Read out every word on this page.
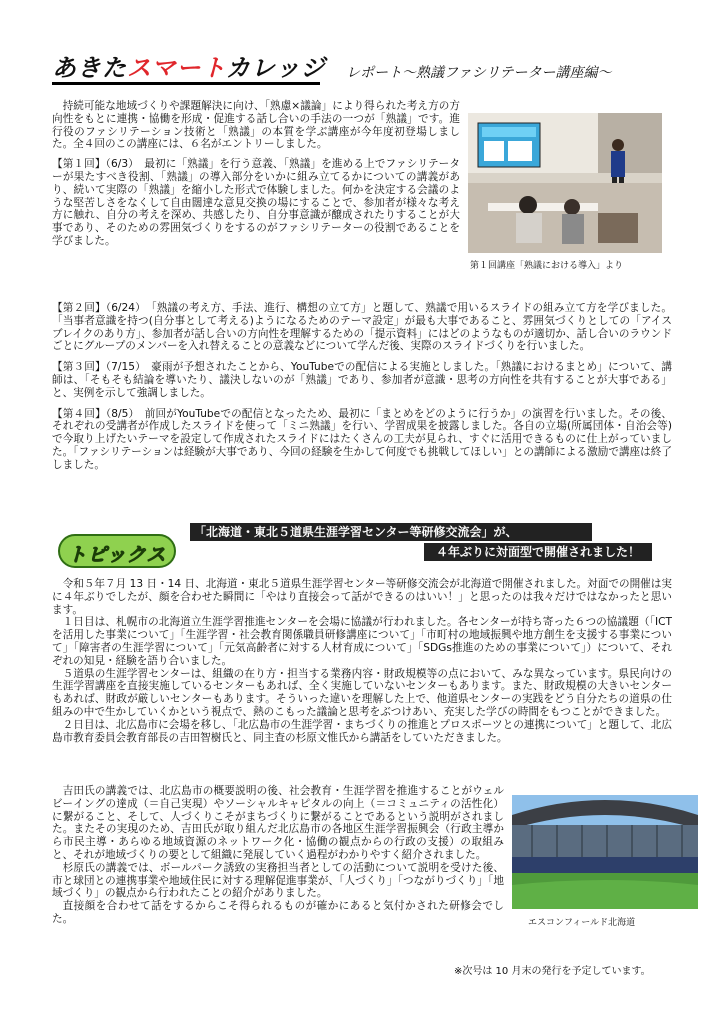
あきたスマートカレッジ レポート〜熟議ファシリテーター講座編〜

持続可能な地域づくりや課題解決に向け、「熟慮×議論」により得られた考え方の方向性をもとに連携・協働を形成・促進する話し合いの手法の一つが「熟議」です。進行役のファシリテーション技術と「熟議」の本質を学ぶ講座が今年度初登場しました。全４回のこの講座には、６名がエントリーしました。

【第１回】（6/3）　最初に「熟議」を行う意義、「熟議」を進める上でファシリテーターが果たすべき役割、「熟議」の導入部分をいかに組み立てるかについての講義があり、続いて実際の「熟議」を縮小した形式で体験しました。何かを決定する会議のような堅苦しさをなくして自由闊達な意見交換の場にすることで、参加者が様々な考え方に触れ、自分の考えを深め、共感したり、自分事意識が醸成されたりすることが大事であり、そのための雰囲気づくりをするのがファシリテーターの役割であることを学びました。

第１回講座「熟議における導入」より

【第２回】（6/24）　「熟議の考え方、手法、進行、構想の立て方」と題して、熟議で用いるスライドの組み立て方を学びました。「当事者意識を持つ(自分事として考える)ようになるためのテーマ設定」が最も大事であること、雰囲気づくりとしての「アイスブレイクのあり方」、参加者が話し合いの方向性を理解するための「提示資料」にはどのようなものが適切か、話し合いのラウンドごとにグループのメンバーを入れ替えることの意義などについて学んだ後、実際のスライドづくりを行いました。

【第３回】（7/15）　豪雨が予想されたことから、YouTubeでの配信による実施としました。「熟議におけるまとめ」について、講師は、「そもそも結論を導いたり、議決しないのが「熟議」であり、参加者が意識・思考の方向性を共有することが大事である」と、実例を示して強調しました。

【第４回】（8/5）　前回がYouTubeでの配信となったため、最初に「まとめをどのように行うか」の演習を行いました。その後、それぞれの受講者が作成したスライドを使って「ミニ熟議」を行い、学習成果を披露しました。各自の立場(所属団体・自治会等)で今取り上げたいテーマを設定して作成されたスライドにはたくさんの工夫が見られ、すぐに活用できるものに仕上がっていました。「ファシリテーションは経験が大事であり、今回の経験を生かして何度でも挑戦してほしい」との講師による激励で講座は終了しました。

トピックス
「北海道・東北５道県生涯学習センター等研修交流会」が、
４年ぶりに対面型で開催されました！

令和５年７月 13 日・14 日、北海道・東北５道県生涯学習センター等研修交流会が北海道で開催されました。対面での開催は実に４年ぶりでしたが、顔を合わせた瞬間に「やはり直接会って話ができるのはいい！」と思ったのは我々だけではなかったと思います。

１日目は、札幌市の北海道立生涯学習推進センターを会場に協議が行われました。各センターが持ち寄った６つの協議題（「ICTを活用した事業について」「生涯学習・社会教育関係職員研修講座について」「市町村の地域振興や地方創生を支援する事業について」「障害者の生涯学習について」「元気高齢者に対する人材育成について」「SDGs推進のための事業について」）について、それぞれの知見・経験を語り合いました。

５道県の生涯学習センターは、組織の在り方・担当する業務内容・財政規模等の点において、みな異なっています。県民向けの生涯学習講座を直接実施しているセンターもあれば、全く実施していないセンターもあります。また、財政規模の大きいセンターもあれば、財政が厳しいセンターもあります。そういった違いを理解した上で、他道県センターの実践をどう自分たちの道県の仕組みの中で生かしていくかという視点で、熱のこもった議論と思考をぶつけあい、充実した学びの時間をもつことができました。

２日目は、北広島市に会場を移し、「北広島市の生涯学習・まちづくりの推進とプロスポーツとの連携について」と題して、北広島市教育委員会教育部長の吉田智樹氏と、同主査の杉原文惟氏から講話をしていただきました。

吉田氏の講義では、北広島市の概要説明の後、社会教育・生涯学習を推進することがウェルビーイングの達成（＝自己実現）やソーシャルキャピタルの向上（＝コミュニティの活性化）に繋がること、そして、人づくりこそがまちづくりに繋がることであるという説明がされました。またその実現のため、吉田氏が取り組んだ北広島市の各地区生涯学習振興会（行政主導から市民主導・あらゆる地域資源のネットワーク化・協働の観点からの行政の支援）の取組みと、それが地域づくりの要として組織に発展していく過程がわかりやすく紹介されました。

杉原氏の講義では、ボールパーク誘致の実務担当者としての活動について説明を受けた後、市と球団との連携事業や地域住民に対する理解促進事業が、「人づくり」「つながりづくり」「地域づくり」の観点から行われたことの紹介がありました。

直接顔を合わせて話をするからこそ得られるものが確かにあると気付かされた研修会でした。	エスコンフィールド北海道
※次号は 10 月末の発行を予定しています。
